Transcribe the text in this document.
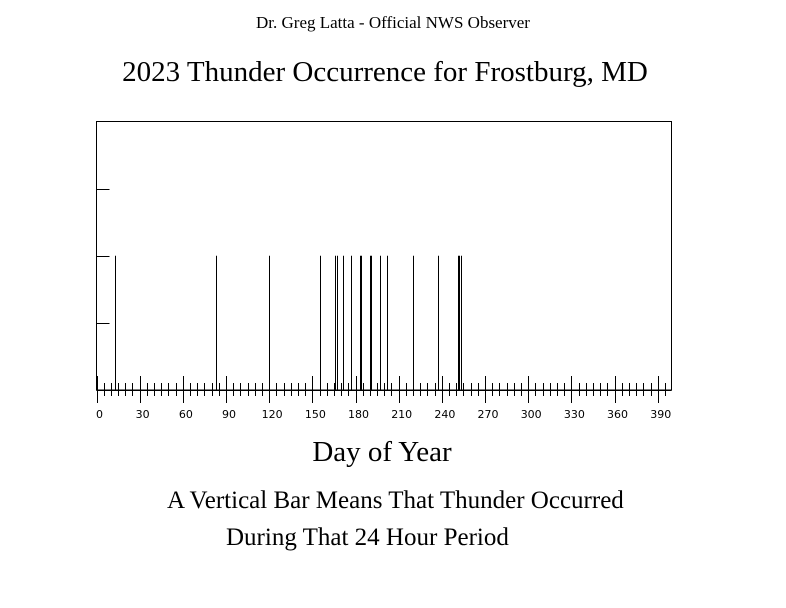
Dr. Greg Latta - Official NWS Observer
2023 Thunder Occurrence for Frostburg, MD
0	30	60	90 120 150 180 210 240 270 300 330 360 390
Day of Year
A Vertical Bar Means That Thunder Occurred
During That 24 Hour Period
